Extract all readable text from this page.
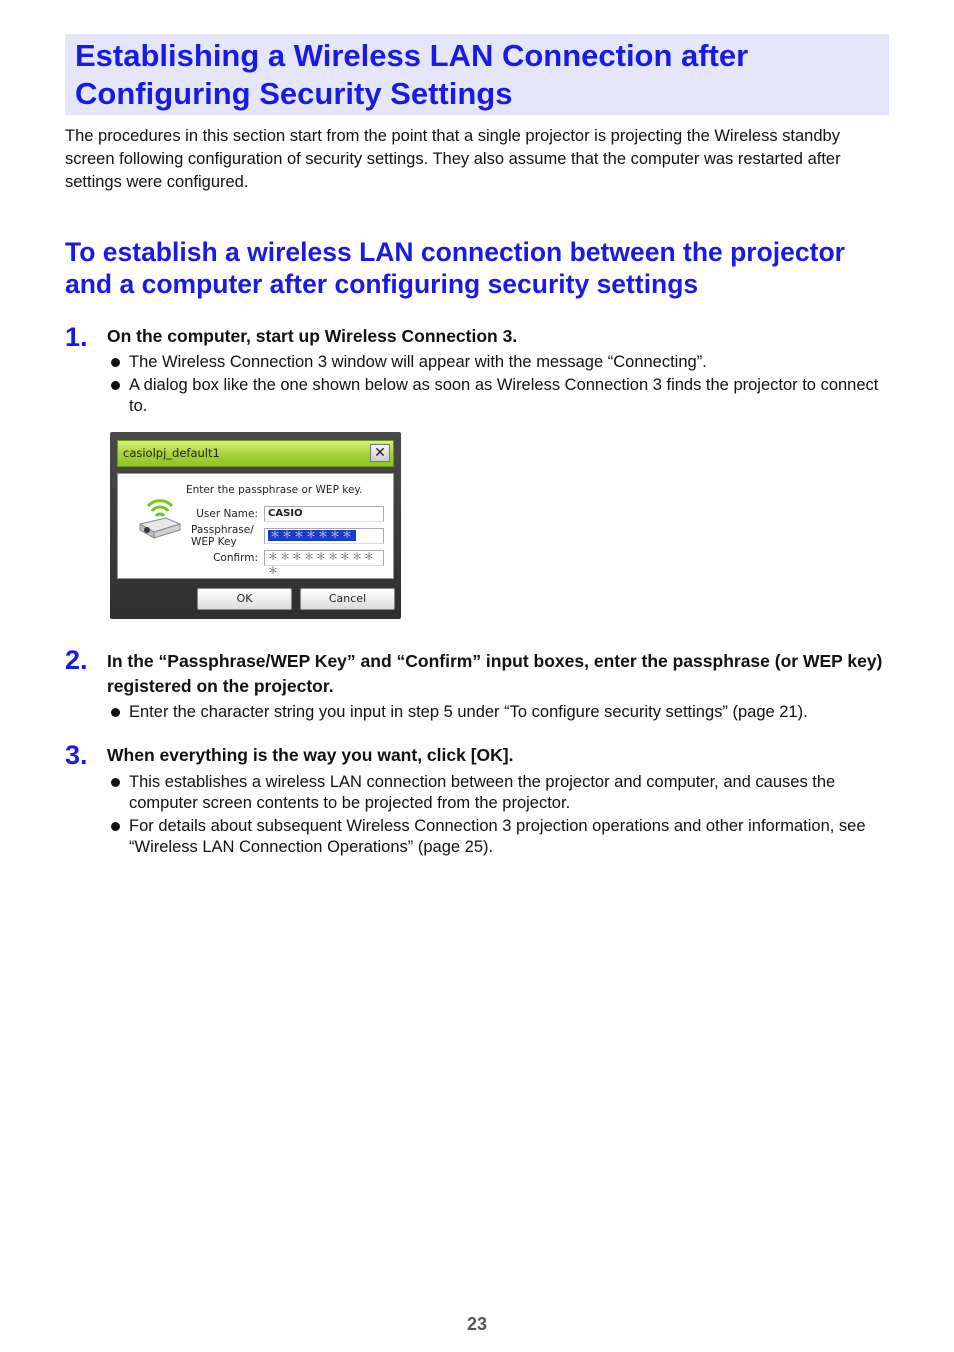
Establishing a Wireless LAN Connection after Configuring Security Settings

The procedures in this section start from the point that a single projector is projecting the Wireless standby screen following configuration of security settings. They also assume that the computer was restarted after settings were configured.

To establish a wireless LAN connection between the projector and a computer after configuring security settings
1. On the computer, start up Wireless Connection 3.

The Wireless Connection 3 window will appear with the message “Connecting”.
A dialog box like the one shown below as soon as Wireless Connection 3 finds the projector to connect to.
casiolpj_default1	✕
Enter the passphrase or WEP key.
User Name:	CASIO
Passphrase/
WEP Key
＊＊＊＊＊＊＊
Confirm:	＊＊＊＊＊＊＊＊＊＊
OK	Cancel
2. In the “Passphrase/WEP Key” and “Confirm” input boxes, enter the passphrase (or WEP key) registered on the projector.

Enter the character string you input in step 5 under “To configure security settings” (page 21).
3. When everything is the way you want, click [OK].

This establishes a wireless LAN connection between the projector and computer, and causes the computer screen contents to be projected from the projector.
For details about subsequent Wireless Connection 3 projection operations and other information, see “Wireless LAN Connection Operations” (page 25).
23
